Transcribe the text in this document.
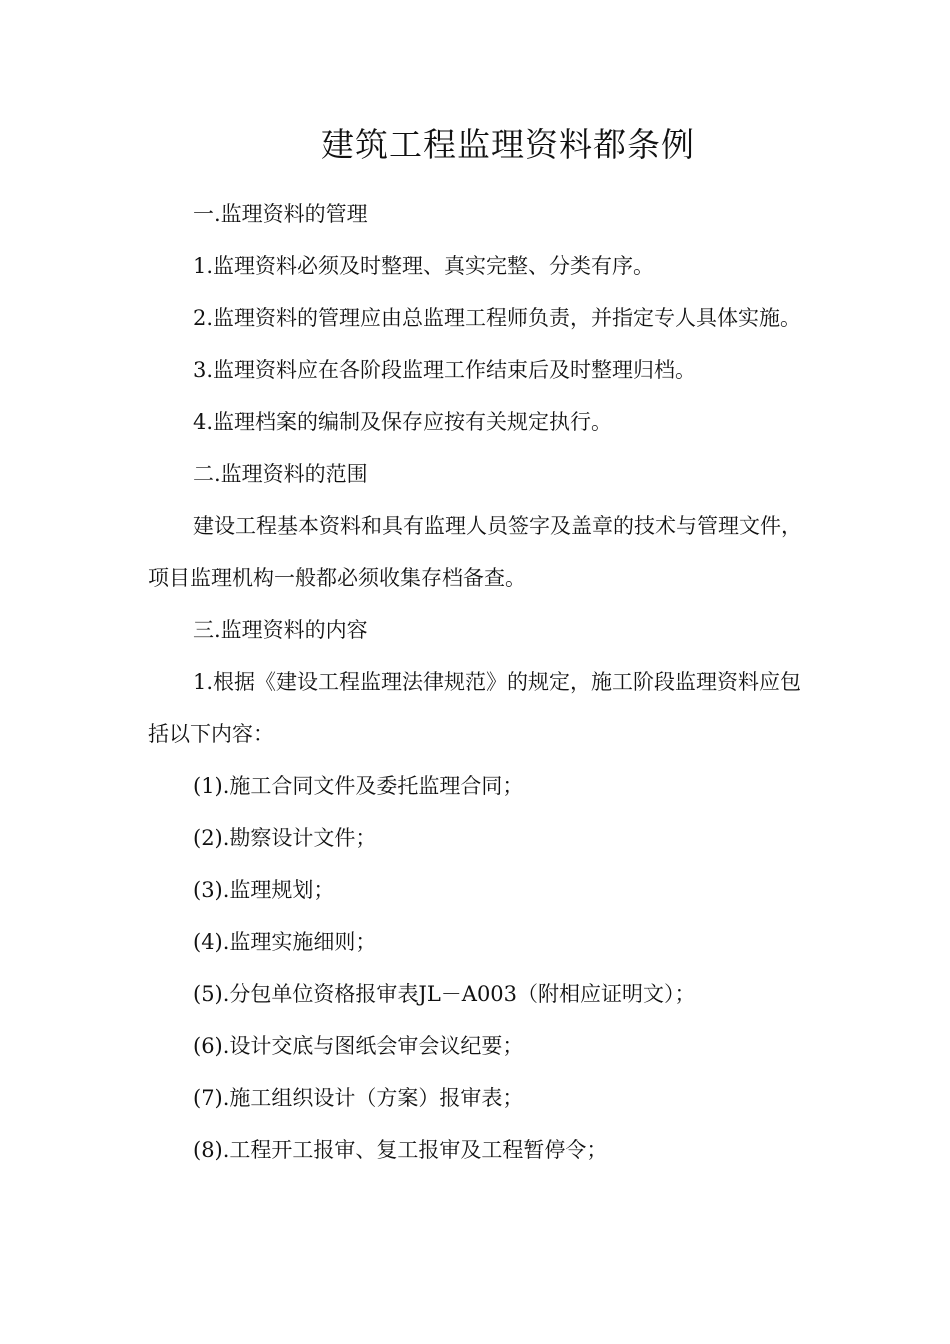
建筑工程监理资料都条例

一.监理资料的管理

1.监理资料必须及时整理、真实完整、分类有序。

2.监理资料的管理应由总监理工程师负责，并指定专人具体实施。

3.监理资料应在各阶段监理工作结束后及时整理归档。

4.监理档案的编制及保存应按有关规定执行。

二.监理资料的范围

建设工程基本资料和具有监理人员签字及盖章的技术与管理文件，项目监理机构一般都必须收集存档备查。

三.监理资料的内容

1.根据《建设工程监理法律规范》的规定，施工阶段监理资料应包括以下内容：

(1).施工合同文件及委托监理合同；

(2).勘察设计文件；

(3).监理规划；

(4).监理实施细则；

(5).分包单位资格报审表JL－A003（附相应证明文）；

(6).设计交底与图纸会审会议纪要；

(7).施工组织设计（方案）报审表；

(8).工程开工报审、复工报审及工程暂停令；
